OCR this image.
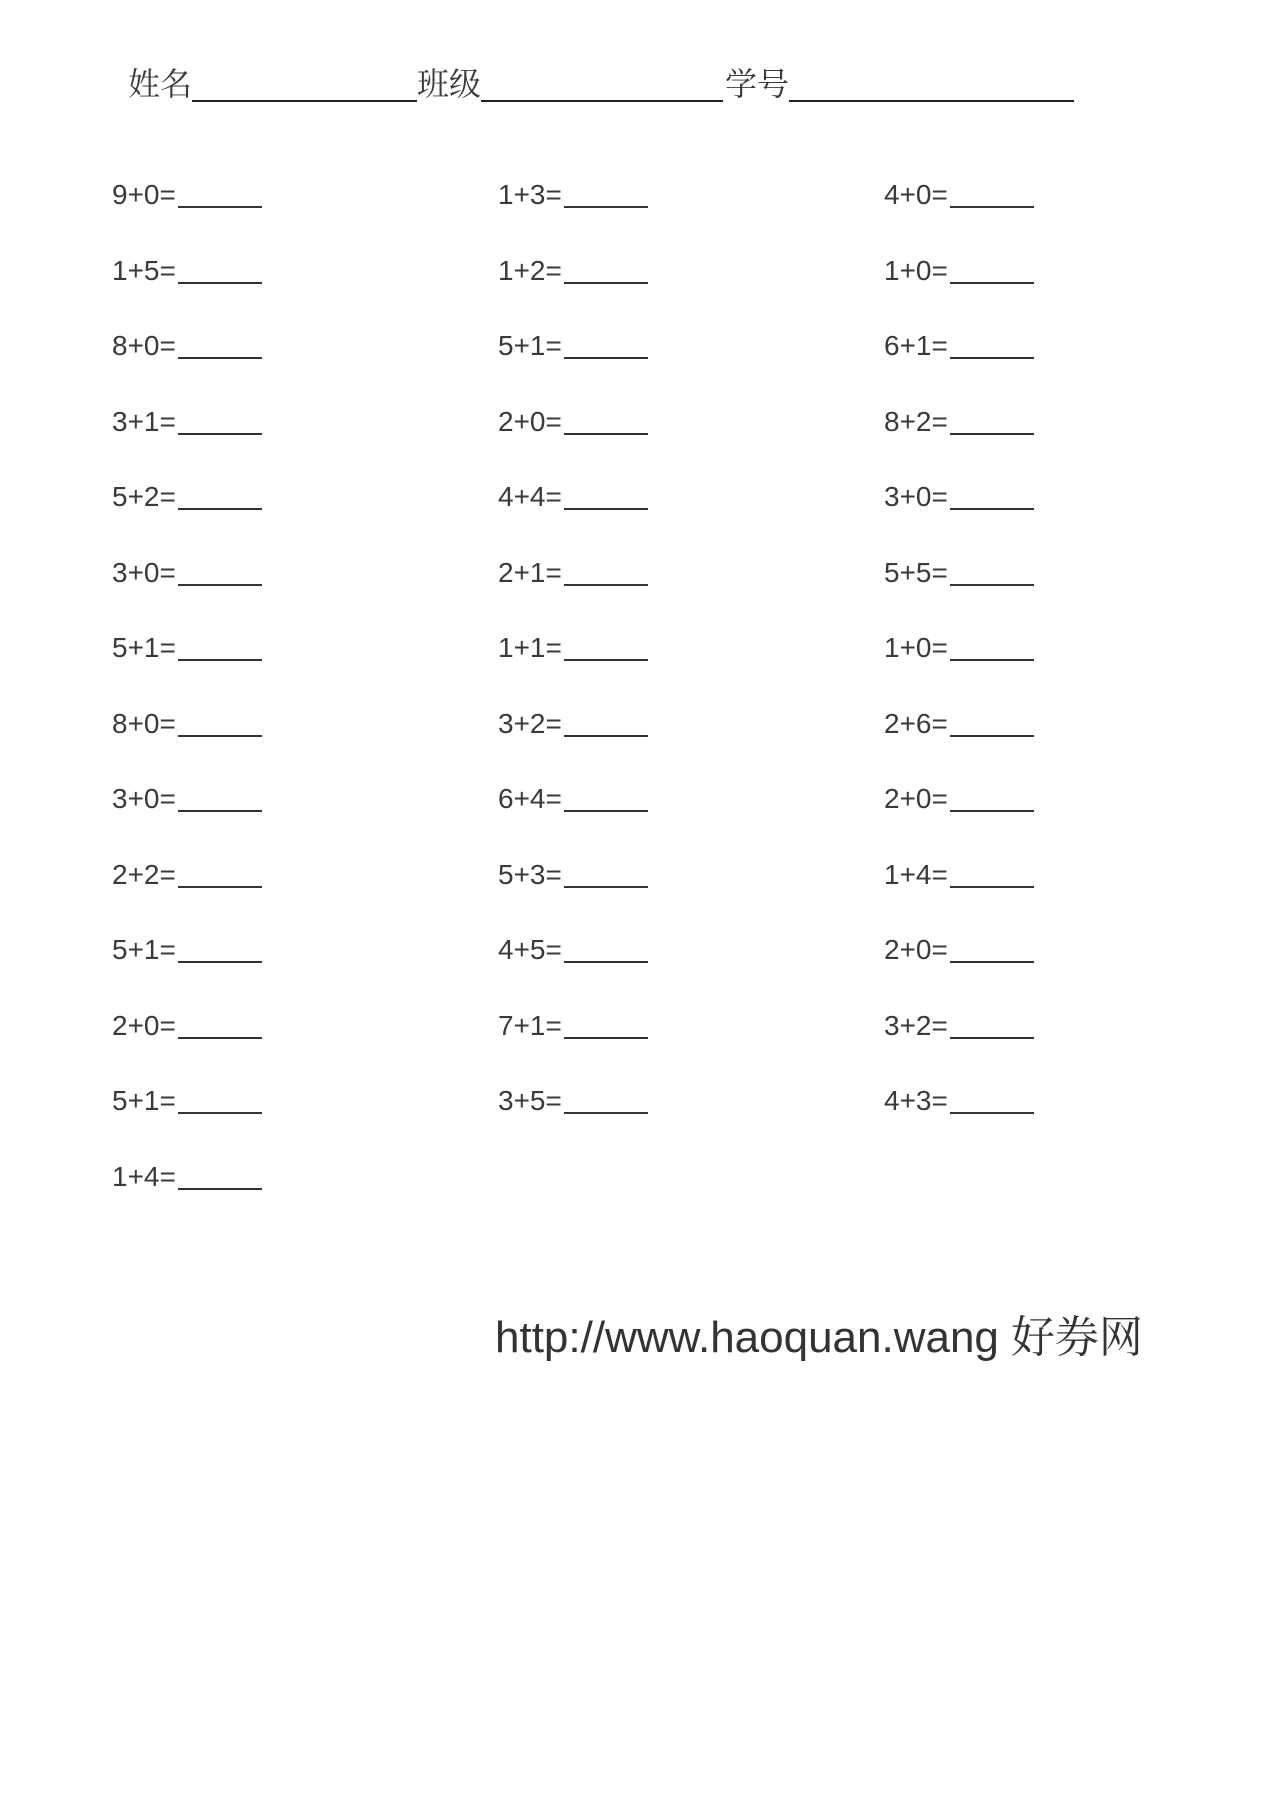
姓名	班级	学号
9+0=
1+5=
8+0=
3+1=
5+2=
3+0=
5+1=
8+0=
3+0=
2+2=
5+1=
2+0=
5+1=
1+4=
1+3=
1+2=
5+1=
2+0=
4+4=
2+1=
1+1=
3+2=
6+4=
5+3=
4+5=
7+1=
3+5=
4+0=
1+0=
6+1=
8+2=
3+0=
5+5=
1+0=
2+6=
2+0=
1+4=
2+0=
3+2=
4+3=
http://www.haoquan.wang 好券网
